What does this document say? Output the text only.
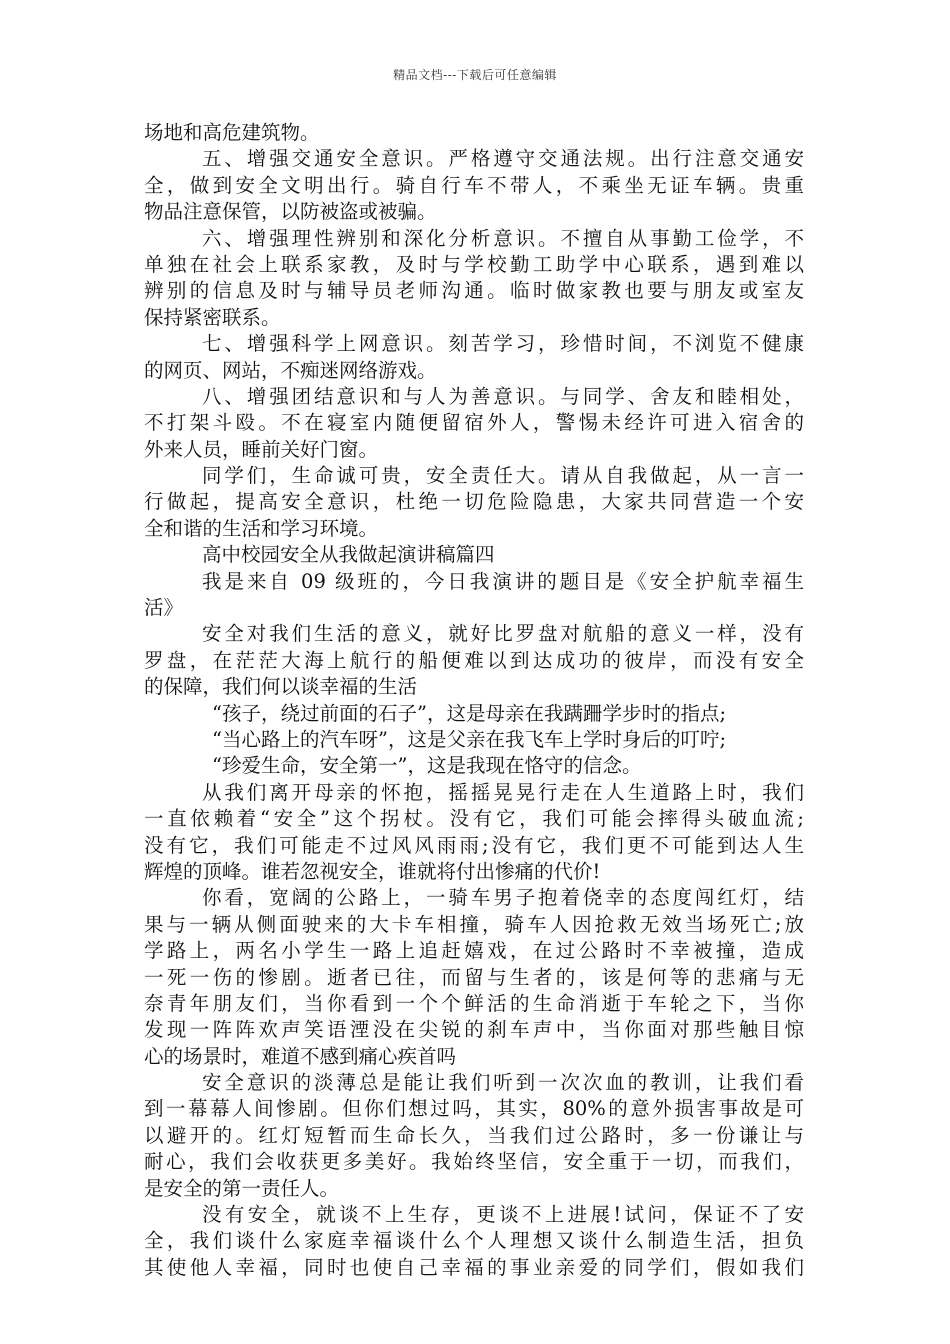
精品文档---下载后可任意编辑
场地和高危建筑物。
五、增强交通安全意识。严格遵守交通法规。出行注意交通安
全，做到安全文明出行。骑自行车不带人，不乘坐无证车辆。贵重
物品注意保管，以防被盗或被骗。
六、增强理性辨别和深化分析意识。不擅自从事勤工俭学，不
单独在社会上联系家教，及时与学校勤工助学中心联系，遇到难以
辨别的信息及时与辅导员老师沟通。临时做家教也要与朋友或室友
保持紧密联系。
七、增强科学上网意识。刻苦学习，珍惜时间，不浏览不健康
的网页、网站，不痴迷网络游戏。
八、增强团结意识和与人为善意识。与同学、舍友和睦相处，
不打架斗殴。不在寝室内随便留宿外人，警惕未经许可进入宿舍的
外来人员，睡前关好门窗。
同学们，生命诚可贵，安全责任大。请从自我做起，从一言一
行做起，提高安全意识，杜绝一切危险隐患，大家共同营造一个安
全和谐的生活和学习环境。
高中校园安全从我做起演讲稿篇四
我是来自 09 级班的，今日我演讲的题目是《安全护航幸福生
活》
安全对我们生活的意义，就好比罗盘对航船的意义一样，没有
罗盘，在茫茫大海上航行的船便难以到达成功的彼岸，而没有安全
的保障，我们何以谈幸福的生活
“孩子，绕过前面的石子”，这是母亲在我蹒跚学步时的指点;
“当心路上的汽车呀”，这是父亲在我飞车上学时身后的叮咛;
“珍爱生命，安全第一”，这是我现在恪守的信念。
从我们离开母亲的怀抱，摇摇晃晃行走在人生道路上时，我们
一直依赖着“安全”这个拐杖。没有它，我们可能会摔得头破血流;
没有它，我们可能走不过风风雨雨;没有它，我们更不可能到达人生
辉煌的顶峰。谁若忽视安全，谁就将付出惨痛的代价!
你看，宽阔的公路上，一骑车男子抱着侥幸的态度闯红灯，结
果与一辆从侧面驶来的大卡车相撞，骑车人因抢救无效当场死亡;放
学路上，两名小学生一路上追赶嬉戏，在过公路时不幸被撞，造成
一死一伤的惨剧。逝者已往，而留与生者的，该是何等的悲痛与无
奈青年朋友们，当你看到一个个鲜活的生命消逝于车轮之下，当你
发现一阵阵欢声笑语湮没在尖锐的刹车声中，当你面对那些触目惊
心的场景时，难道不感到痛心疾首吗
安全意识的淡薄总是能让我们听到一次次血的教训，让我们看
到一幕幕人间惨剧。但你们想过吗，其实，80%的意外损害事故是可
以避开的。红灯短暂而生命长久，当我们过公路时，多一份谦让与
耐心，我们会收获更多美好。我始终坚信，安全重于一切，而我们，
是安全的第一责任人。
没有安全，就谈不上生存，更谈不上进展!试问，保证不了安
全，我们谈什么家庭幸福谈什么个人理想又谈什么制造生活，担负
其使他人幸福，同时也使自己幸福的事业亲爱的同学们，假如我们
